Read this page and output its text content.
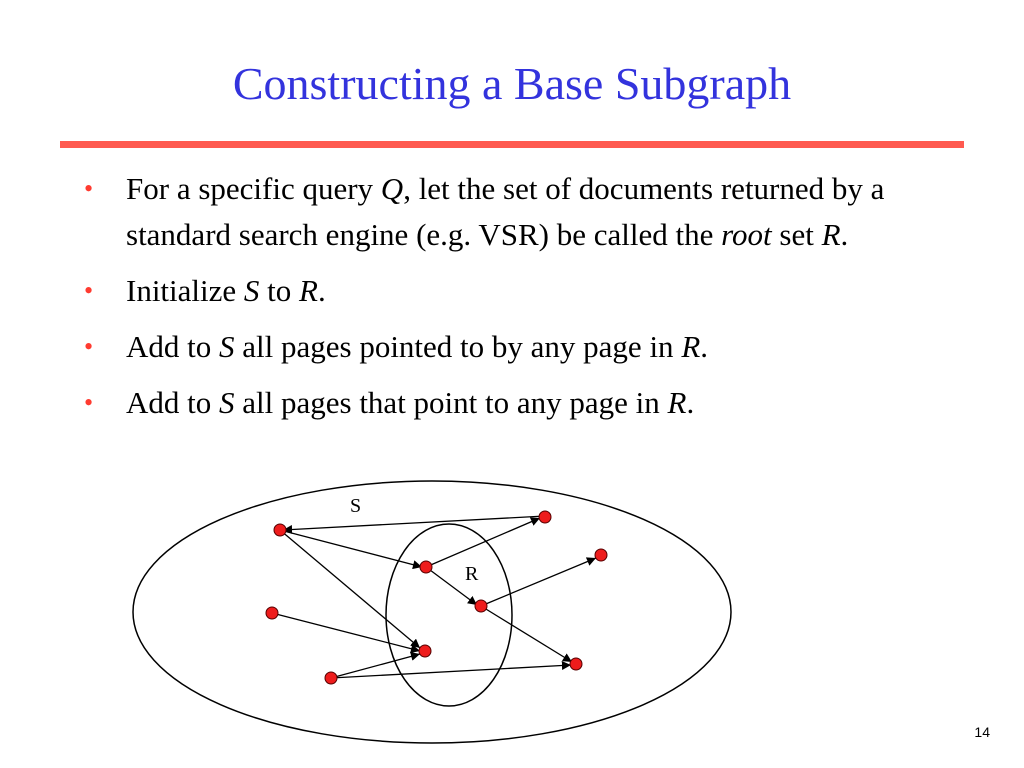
Constructing a Base Subgraph
• For a specific query Q, let the set of documents returned by a standard search engine (e.g. VSR) be called the root set R.
• Initialize S to R.
• Add to S all pages pointed to by any page in R.
• Add to S all pages that point to any page in R.
S
R
14
